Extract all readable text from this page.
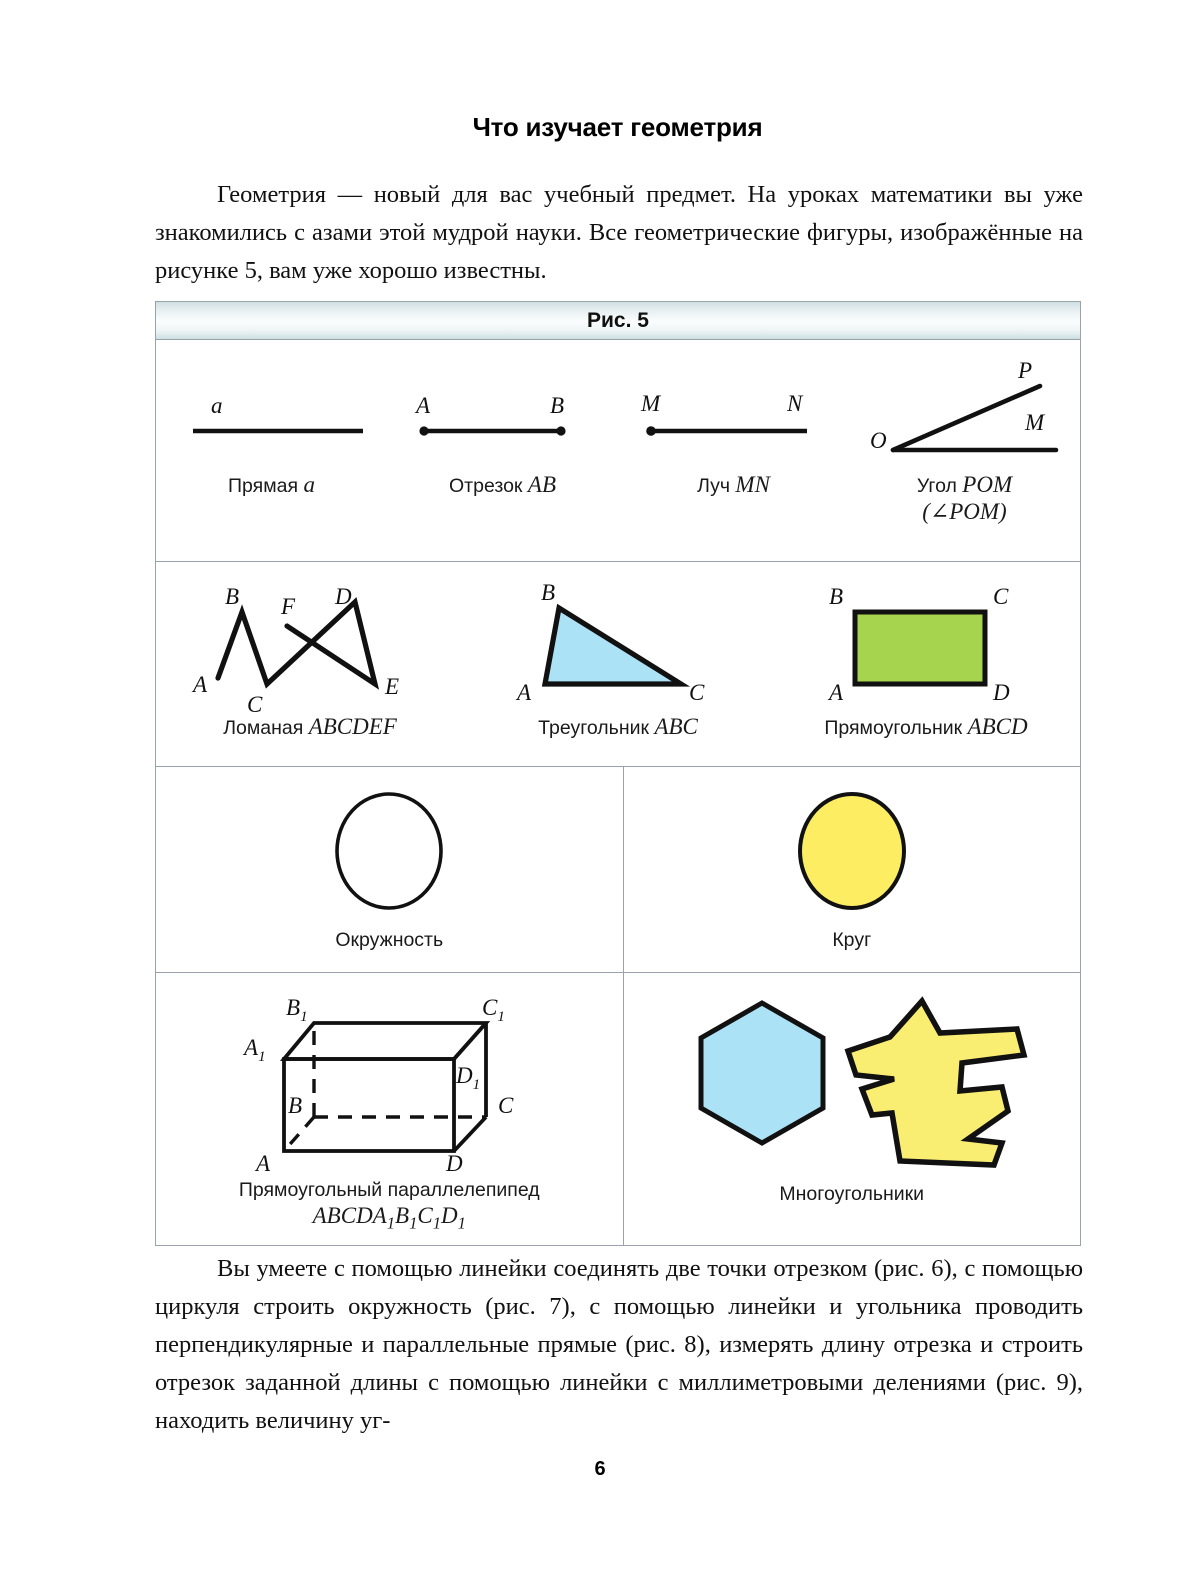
Что изучает геометрия
Геометрия — новый для вас учебный предмет. На уроках математики вы уже знакомились с азами этой мудрой науки. Все геометрические фигуры, изображённые на рисунке 5, вам уже хорошо известны.
Рис. 5
a
Прямая a
A	B
Отрезок AB
M	N
Луч MN
P
O
M
Угол POM
(∠POM)
A
B
C
D
E
F
Ломаная ABCDEF
A
B
C
Треугольник ABC
A
B	C
D
Прямоугольник ABCD
Окружность	Круг
A
B	C
D
$A_1$
$B_1$	$C_1$
$D_1$
Прямоугольный параллелепипед
$ABCDA_1B_1C_1D_1$
Многоугольники
Вы умеете с помощью линейки соединять две точки отрезком (рис. 6), с помощью циркуля строить окружность (рис. 7), с помощью линейки и угольника проводить перпендикулярные и параллельные прямые (рис. 8), измерять длину отрезка и строить отрезок заданной длины с помощью линейки с миллиметровыми делениями (рис. 9), находить величину уг-
6
